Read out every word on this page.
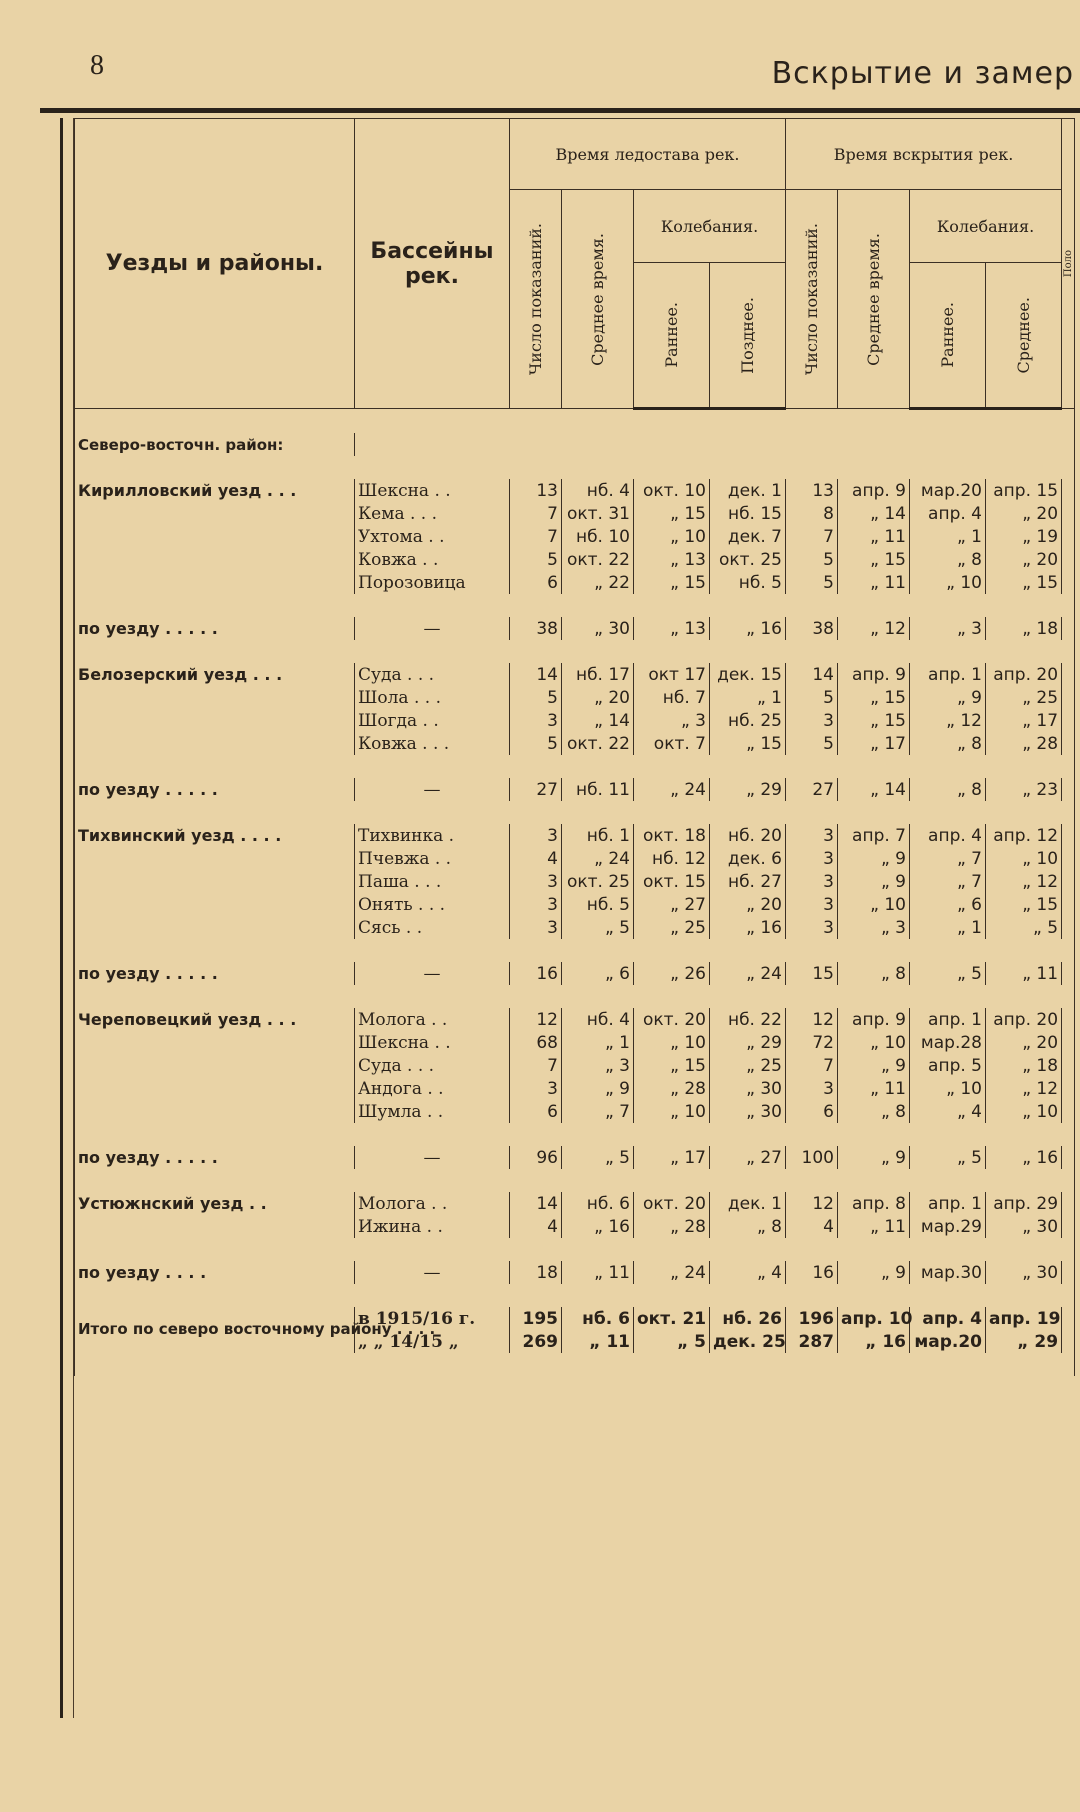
8	Вскрытие и замер
Уезды и районы.	Бассейны рек.	Время ледостава рек.				Время вскрытия рек.				Поло

		Число показаний.	Среднее время.	Колебания.		Число показаний.	Среднее время.	Колебания.		

				Раннее.	Позднее.			Раннее.	Среднее.	

Северо-восточн. район:										

Кирилловский уезд . . .	Шексна . .	13	нб. 4	окт. 10	дек. 1	13	апр. 9	мар.20	апр. 15	
	Кема . . .	7	окт. 31	„ 15	нб. 15	8	„ 14	апр. 4	„ 20	
	Ухтома . .	7	нб. 10	„ 10	дек. 7	7	„ 11	„ 1	„ 19	
	Ковжа . .	5	окт. 22	„ 13	окт. 25	5	„ 15	„ 8	„ 20	
	Порозовица	6	„ 22	„ 15	нб. 5	5	„ 11	„ 10	„ 15	

по уезду . . . . .	—	38	„ 30	„ 13	„ 16	38	„ 12	„ 3	„ 18	

Белозерский уезд . . .	Суда . . .	14	нб. 17	окт 17	дек. 15	14	апр. 9	апр. 1	апр. 20	
	Шола . . .	5	„ 20	нб. 7	„ 1	5	„ 15	„ 9	„ 25	
	Шогда . .	3	„ 14	„ 3	нб. 25	3	„ 15	„ 12	„ 17	
	Ковжа . . .	5	окт. 22	окт. 7	„ 15	5	„ 17	„ 8	„ 28	

по уезду . . . . .	—	27	нб. 11	„ 24	„ 29	27	„ 14	„ 8	„ 23	

Тихвинский уезд . . . .	Тихвинка .	3	нб. 1	окт. 18	нб. 20	3	апр. 7	апр. 4	апр. 12	
	Пчевжа . .	4	„ 24	нб. 12	дек. 6	3	„ 9	„ 7	„ 10	
	Паша . . .	3	окт. 25	окт. 15	нб. 27	3	„ 9	„ 7	„ 12	
	Онять . . .	3	нб. 5	„ 27	„ 20	3	„ 10	„ 6	„ 15	
	Сясь . .	3	„ 5	„ 25	„ 16	3	„ 3	„ 1	„ 5	

по уезду . . . . .	—	16	„ 6	„ 26	„ 24	15	„ 8	„ 5	„ 11	

Череповецкий уезд . . .	Молога . .	12	нб. 4	окт. 20	нб. 22	12	апр. 9	апр. 1	апр. 20	
	Шексна . .	68	„ 1	„ 10	„ 29	72	„ 10	мар.28	„ 20	
	Суда . . .	7	„ 3	„ 15	„ 25	7	„ 9	апр. 5	„ 18	
	Андога . .	3	„ 9	„ 28	„ 30	3	„ 11	„ 10	„ 12	
	Шумла . .	6	„ 7	„ 10	„ 30	6	„ 8	„ 4	„ 10	

по уезду . . . . .	—	96	„ 5	„ 17	„ 27	100	„ 9	„ 5	„ 16	

Устюжнский уезд . .	Молога . .	14	нб. 6	окт. 20	дек. 1	12	апр. 8	апр. 1	апр. 29	
	Ижина . .	4	„ 16	„ 28	„ 8	4	„ 11	мар.29	„ 30	

по уезду . . . .	—	18	„ 11	„ 24	„ 4	16	„ 9	мар.30	„ 30	

Итого по северо восточному району . . . .	в 1915/16 г.	195	нб. 6	окт. 21	нб. 26	196	апр. 10	апр. 4	апр. 19	
	„ „ 14/15 „	269	„ 11	„ 5	дек. 25	287	„ 16	мар.20	„ 29	
